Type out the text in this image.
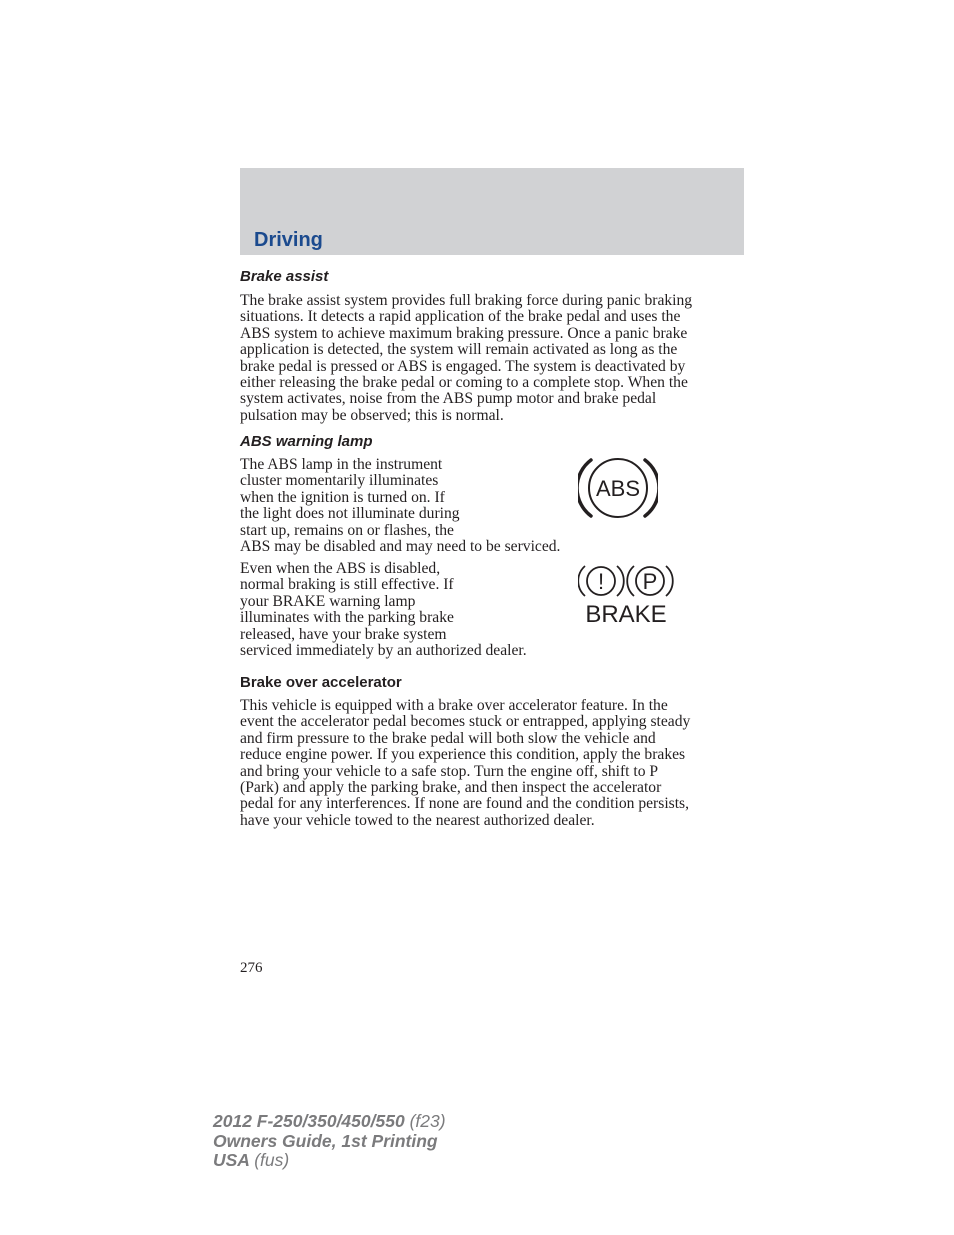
Driving
Brake assist

The brake assist system provides full braking force during panic braking
situations. It detects a rapid application of the brake pedal and uses the
ABS system to achieve maximum braking pressure. Once a panic brake
application is detected, the system will remain activated as long as the
brake pedal is pressed or ABS is engaged. The system is deactivated by
either releasing the brake pedal or coming to a complete stop. When the
system activates, noise from the ABS pump motor and brake pedal
pulsation may be observed; this is normal.

ABS warning lamp

The ABS lamp in the instrument
cluster momentarily illuminates
when the ignition is turned on. If
the light does not illuminate during
start up, remains on or flashes, the
ABS may be disabled and may need to be serviced.

ABS

Even when the ABS is disabled,
normal braking is still effective. If
your BRAKE warning lamp
illuminates with the parking brake
released, have your brake system
serviced immediately by an authorized dealer.

! P
BRAKE
Brake over accelerator

This vehicle is equipped with a brake over accelerator feature. In the
event the accelerator pedal becomes stuck or entrapped, applying steady
and firm pressure to the brake pedal will both slow the vehicle and
reduce engine power. If you experience this condition, apply the brakes
and bring your vehicle to a safe stop. Turn the engine off, shift to P
(Park) and apply the parking brake, and then inspect the accelerator
pedal for any interferences. If none are found and the condition persists,
have your vehicle towed to the nearest authorized dealer.

276

2012 F-250/350/450/550 (f23)
Owners Guide, 1st Printing
USA (fus)
